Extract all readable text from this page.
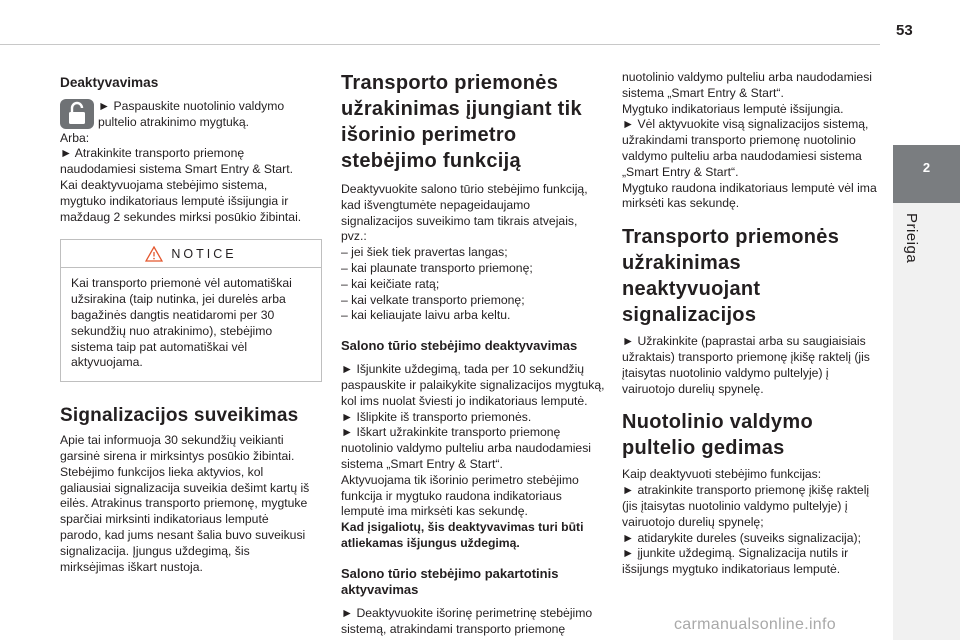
53
2
Prieiga
Deaktyvavimas

► Paspauskite nuotolinio valdymo pultelio atrakinimo mygtuką.

Arba:

► Atrakinkite transporto priemonę naudodamiesi sistema Smart Entry & Start.

Kai deaktyvuojama stebėjimo sistema, mygtuko indikatoriaus lemputė išsijungia ir maždaug 2 sekundes mirksi posūkio žibintai.

NOTICE

Kai transporto priemonė vėl automatiškai užsirakina (taip nutinka, jei durelės arba bagažinės dangtis neatidaromi per 30 sekundžių nuo atrakinimo), stebėjimo sistema taip pat automatiškai vėl aktyvuojama.

Signalizacijos suveikimas

Apie tai informuoja 30 sekundžių veikianti garsinė sirena ir mirksintys posūkio žibintai. Stebėjimo funkcijos lieka aktyvios, kol galiausiai signalizacija suveikia dešimt kartų iš eilės. Atrakinus transporto priemonę, mygtuke sparčiai mirksinti indikatoriaus lemputė parodo, kad jums nesant šalia buvo suveikusi signalizacija. Įjungus uždegimą, šis mirksėjimas iškart nustoja.

Transporto priemonės užrakinimas įjungiant tik išorinio perimetro stebėjimo funkciją

Deaktyvuokite salono tūrio stebėjimo funkciją, kad išvengtumėte nepageidaujamo signalizacijos suveikimo tam tikrais atvejais, pvz.:

– jei šiek tiek pravertas langas;

– kai plaunate transporto priemonę;

– kai keičiate ratą;

– kai velkate transporto priemonę;

– kai keliaujate laivu arba keltu.

Salono tūrio stebėjimo deaktyvavimas

► Išjunkite uždegimą, tada per 10 sekundžių paspauskite ir palaikykite signalizacijos mygtuką, kol ims nuolat šviesti jo indikatoriaus lemputė.

► Išlipkite iš transporto priemonės.

► Iškart užrakinkite transporto priemonę nuotolinio valdymo pulteliu arba naudodamiesi sistema „Smart Entry & Start“.

Aktyvuojama tik išorinio perimetro stebėjimo funkcija ir mygtuko raudona indikatoriaus lemputė ima mirksėti kas sekundę.

Kad įsigaliotų, šis deaktyvavimas turi būti atliekamas išjungus uždegimą.

Salono tūrio stebėjimo pakartotinis aktyvavimas

► Deaktyvuokite išorinę perimetrinę stebėjimo sistemą, atrakindami transporto priemonę

nuotolinio valdymo pulteliu arba naudodamiesi sistema „Smart Entry & Start“.

Mygtuko indikatoriaus lemputė išsijungia.

► Vėl aktyvuokite visą signalizacijos sistemą, užrakindami transporto priemonę nuotolinio valdymo pulteliu arba naudodamiesi sistema „Smart Entry & Start“.

Mygtuko raudona indikatoriaus lemputė vėl ima mirksėti kas sekundę.

Transporto priemonės užrakinimas neaktyvuojant signalizacijos

► Užrakinkite (paprastai arba su saugiaisiais užraktais) transporto priemonę įkišę raktelį (jis įtaisytas nuotolinio valdymo pultelyje) į vairuotojo durelių spynelę.

Nuotolinio valdymo pultelio gedimas

Kaip deaktyvuoti stebėjimo funkcijas:

► atrakinkite transporto priemonę įkišę raktelį (jis įtaisytas nuotolinio valdymo pultelyje) į vairuotojo durelių spynelę;

► atidarykite dureles (suveiks signalizacija);

► įjunkite uždegimą. Signalizacija nutils ir išsijungs mygtuko indikatoriaus lemputė.

carmanualsonline.info
